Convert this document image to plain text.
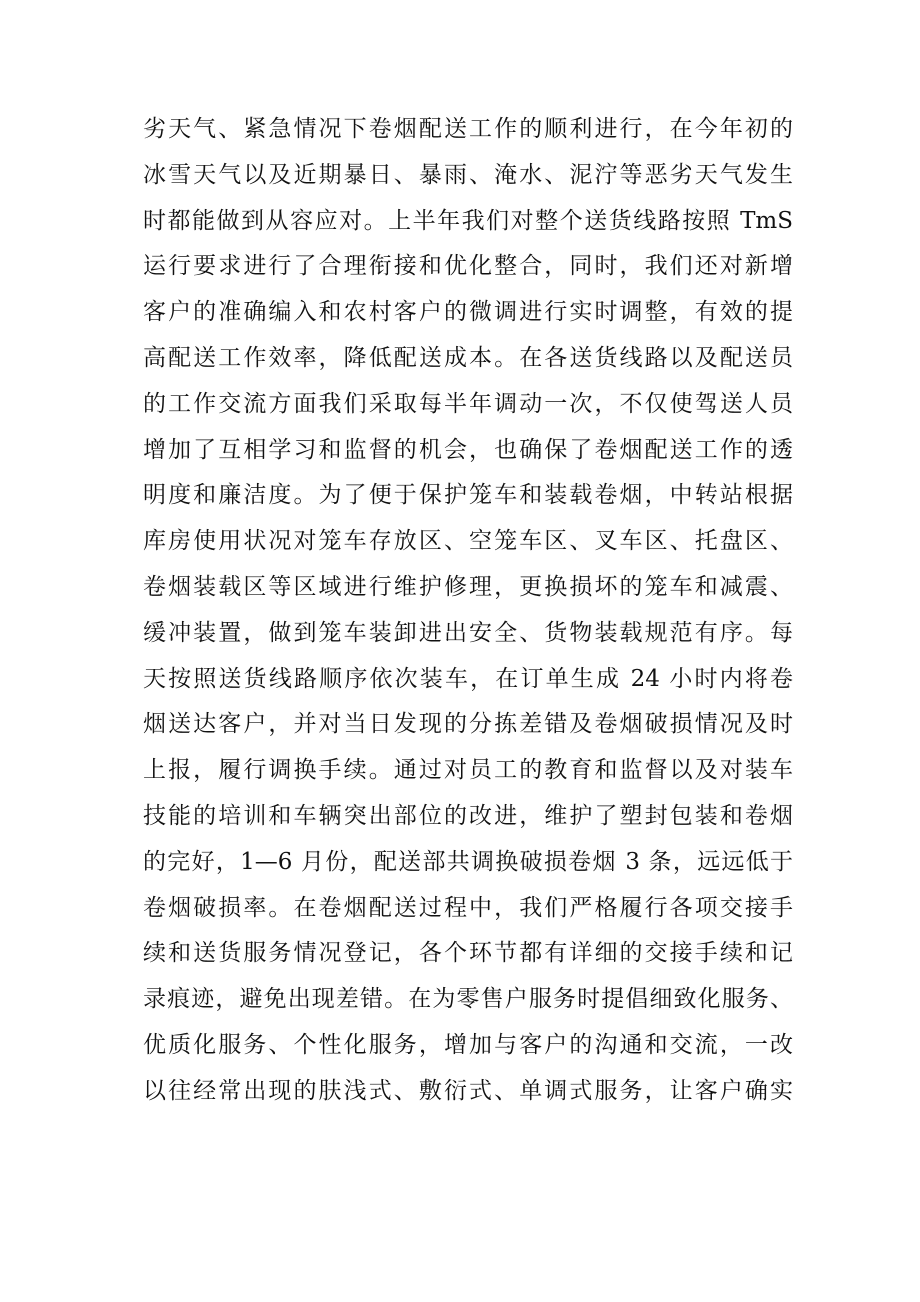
劣天气、紧急情况下卷烟配送工作的顺利进行，在今年初的
冰雪天气以及近期暴日、暴雨、淹水、泥泞等恶劣天气发生
时都能做到从容应对。上半年我们对整个送货线路按照 TmS
运行要求进行了合理衔接和优化整合，同时，我们还对新增
客户的准确编入和农村客户的微调进行实时调整，有效的提
高配送工作效率，降低配送成本。在各送货线路以及配送员
的工作交流方面我们采取每半年调动一次，不仅使驾送人员
增加了互相学习和监督的机会，也确保了卷烟配送工作的透
明度和廉洁度。为了便于保护笼车和装载卷烟，中转站根据
库房使用状况对笼车存放区、空笼车区、叉车区、托盘区、
卷烟装载区等区域进行维护修理，更换损坏的笼车和减震、
缓冲装置，做到笼车装卸进出安全、货物装载规范有序。每
天按照送货线路顺序依次装车，在订单生成 24 小时内将卷
烟送达客户，并对当日发现的分拣差错及卷烟破损情况及时
上报，履行调换手续。通过对员工的教育和监督以及对装车
技能的培训和车辆突出部位的改进，维护了塑封包装和卷烟
的完好，1—6 月份，配送部共调换破损卷烟 3 条，远远低于
卷烟破损率。在卷烟配送过程中，我们严格履行各项交接手
续和送货服务情况登记，各个环节都有详细的交接手续和记
录痕迹，避免出现差错。在为零售户服务时提倡细致化服务、
优质化服务、个性化服务，增加与客户的沟通和交流，一改
以往经常出现的肤浅式、敷衍式、单调式服务，让客户确实
